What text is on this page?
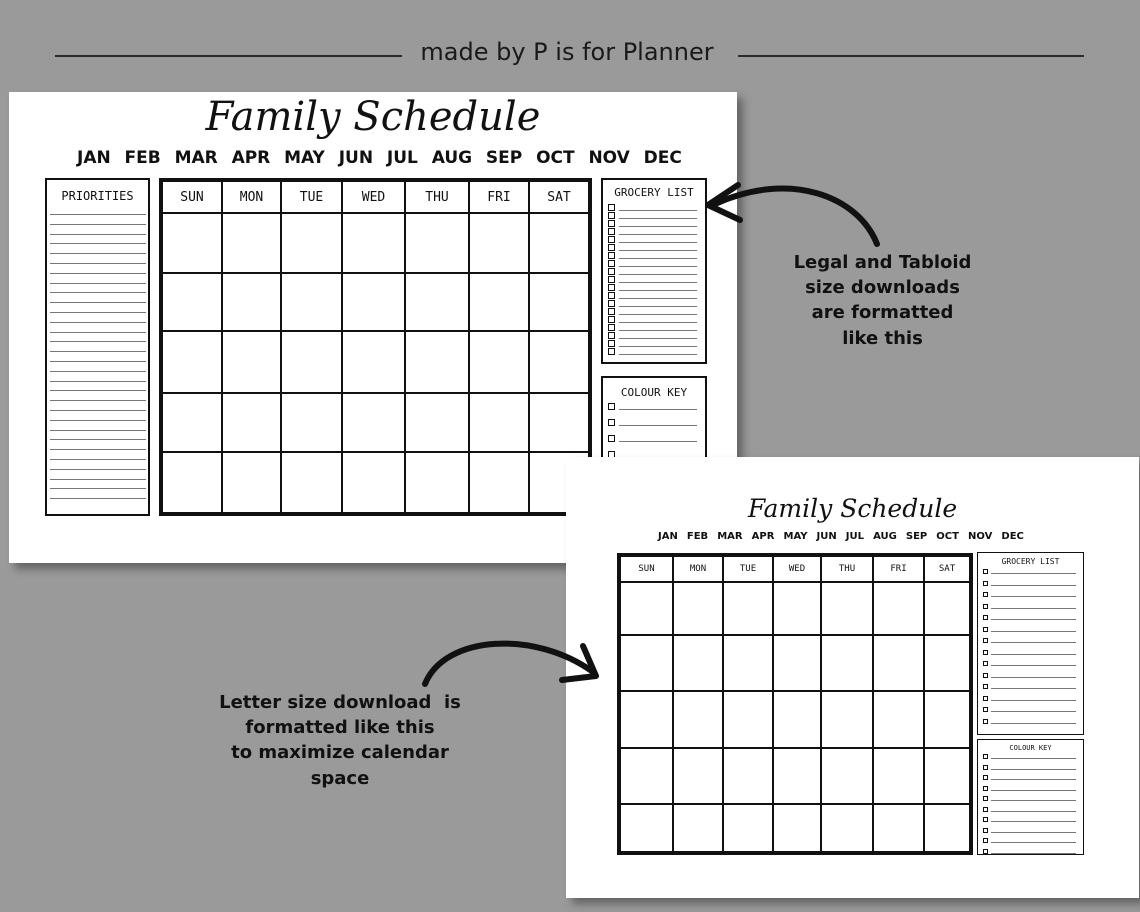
made by P is for Planner
Family Schedule
JAN FEB MAR APR MAY JUN JUL AUG SEP OCT NOV DEC
PRIORITIES	SUN	MON	TUE	WED	THU	FRI	SAT	GROCERY LIST
COLOUR KEY
Family Schedule
JAN FEB MAR APR MAY JUN JUL AUG SEP OCT NOV DEC
SUN	MON	TUE	WED	THU	FRI	SAT
GROCERY LIST
COLOUR KEY
Legal and Tabloid
size downloads
are formatted
like this
Letter size download  is
formatted like this
to maximize calendar
space
